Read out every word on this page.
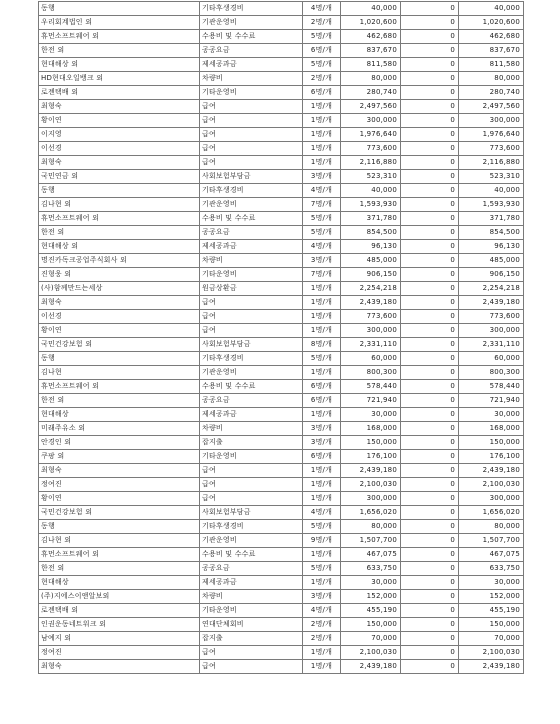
동행	기타후생경비	4명/개	40,000	0	40,000
우리회계법인 외	기관운영비	2명/개	1,020,600	0	1,020,600
휴먼소프트웨어 외	수용비 및 수수료	5명/개	462,680	0	462,680
한전 외	공공요금	6명/개	837,670	0	837,670
현대해상 외	제세공과금	5명/개	811,580	0	811,580
HD현대오일뱅크 외	차량비	2명/개	80,000	0	80,000
로젠택배 외	기타운영비	6명/개	280,740	0	280,740
최형숙	급여	1명/개	2,497,560	0	2,497,560
황이연	급여	1명/개	300,000	0	300,000
이지영	급여	1명/개	1,976,640	0	1,976,640
이선경	급여	1명/개	773,600	0	773,600
최형숙	급여	1명/개	2,116,880	0	2,116,880
국민연금 외	사회보험부담금	3명/개	523,310	0	523,310
동행	기타후생경비	4명/개	40,000	0	40,000
김나현 외	기관운영비	7명/개	1,593,930	0	1,593,930
휴먼소프트웨어 외	수용비 및 수수료	5명/개	371,780	0	371,780
한전 외	공공요금	5명/개	854,500	0	854,500
현대해상 외	제세공과금	4명/개	96,130	0	96,130
명진카독크공업주식회사 외	차량비	3명/개	485,000	0	485,000
진형웅 외	기타운영비	7명/개	906,150	0	906,150
(사)함께만드는세상	원금상환금	1명/개	2,254,218	0	2,254,218
최형숙	급여	1명/개	2,439,180	0	2,439,180
이선경	급여	1명/개	773,600	0	773,600
황이연	급여	1명/개	300,000	0	300,000
국민건강보험 외	사회보험부담금	8명/개	2,331,110	0	2,331,110
동행	기타후생경비	5명/개	60,000	0	60,000
김나현	기관운영비	1명/개	800,300	0	800,300
휴먼소프트웨어 외	수용비 및 수수료	6명/개	578,440	0	578,440
한전 외	공공요금	6명/개	721,940	0	721,940
현대해상	제세공과금	1명/개	30,000	0	30,000
미래주유소 외	차량비	3명/개	168,000	0	168,000
안경인 외	잡지출	3명/개	150,000	0	150,000
쿠팡 외	기타운영비	6명/개	176,100	0	176,100
최형숙	급여	1명/개	2,439,180	0	2,439,180
정여진	급여	1명/개	2,100,030	0	2,100,030
황이연	급여	1명/개	300,000	0	300,000
국민건강보험 외	사회보험부담금	4명/개	1,656,020	0	1,656,020
동행	기타후생경비	5명/개	80,000	0	80,000
김나현 외	기관운영비	9명/개	1,507,700	0	1,507,700
휴먼소프트웨어 외	수용비 및 수수료	1명/개	467,075	0	467,075
한전 외	공공요금	5명/개	633,750	0	633,750
현대해상	제세공과금	1명/개	30,000	0	30,000
(주)지에스이앤알보외	차량비	3명/개	152,000	0	152,000
로젠택배 외	기타운영비	4명/개	455,190	0	455,190
인권운동네트워크 외	연대단체회비	2명/개	150,000	0	150,000
남예지 외	잡지출	2명/개	70,000	0	70,000
정여진	급여	1명/개	2,100,030	0	2,100,030
최형숙	급여	1명/개	2,439,180	0	2,439,180
